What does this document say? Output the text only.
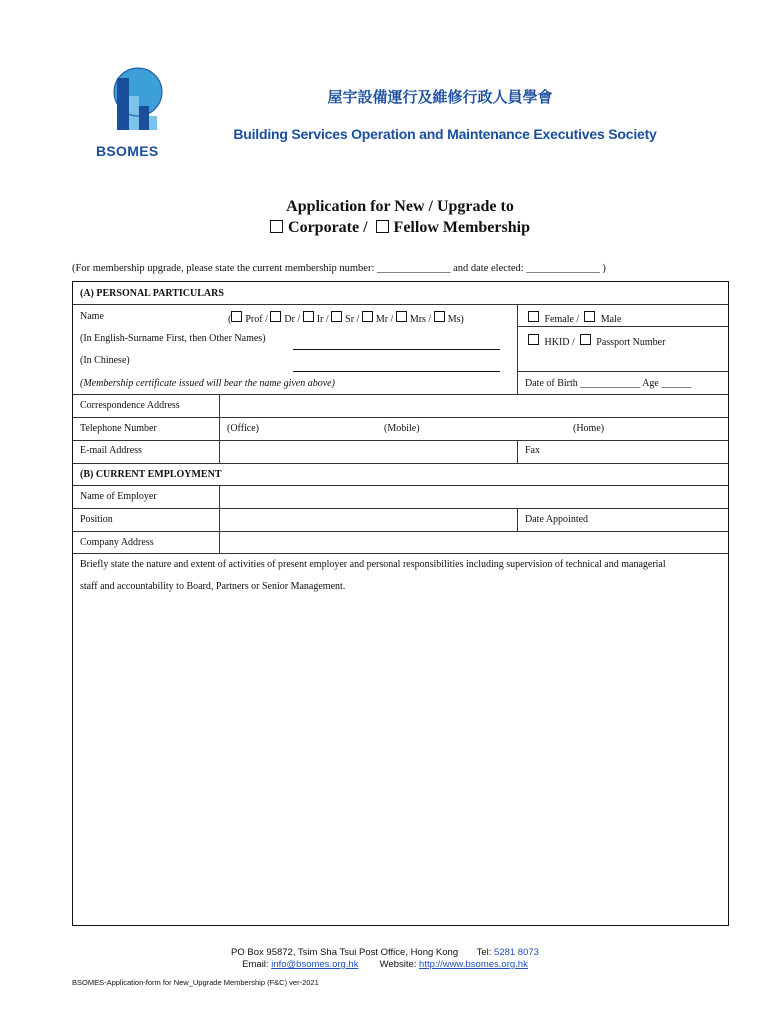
BSOMES
屋宇設備運行及維修行政人員學會
Building Services Operation and Maintenance Executives Society
Application for New / Upgrade to
Corporate / Fellow Membership
(For membership upgrade, please state the current membership number: ______________ and date elected: ______________ )
(A) PERSONAL PARTICULARS
Name	( Prof / Dr / Ir / Sr / Mr / Mrs / Ms)	Female / Male
(In English-Surname First, then Other Names)	HKID / Passport Number
(In Chinese)
(Membership certificate issued will bear the name given above)	Date of Birth ____________ Age ______
Correspondence Address
Telephone Number	(Office)	(Mobile)	(Home)
E-mail Address	Fax
(B) CURRENT EMPLOYMENT
Name of Employer
Position	Date Appointed
Company Address
Briefly state the nature and extent of activities of present employer and personal responsibilities including supervision of technical and managerial
staff and accountability to Board, Partners or Senior Management.
PO Box 95872, Tsim Sha Tsui Post Office, Hong Kong Tel: 5281 8073
Email: info@bsomes.org.hk Website: http://www.bsomes.org.hk
BSOMES-Application-form for New_Upgrade Membership (F&C) ver-2021
